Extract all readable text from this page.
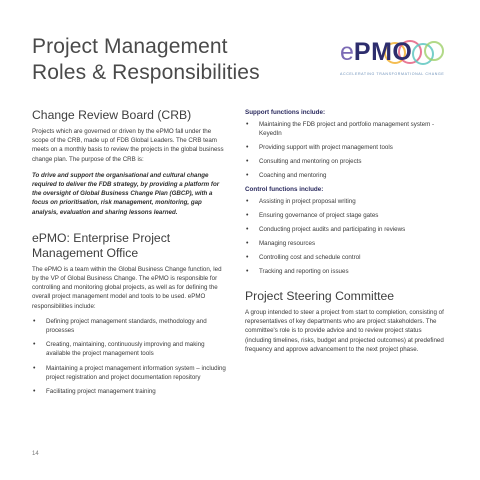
Project Management
Roles & Responsibilities
e PMO
ACCELERATING TRANSFORMATIONAL CHANGE
Change Review Board (CRB)

Projects which are governed or driven by the ePMO fall under the scope of the CRB, made up of FDB Global Leaders. The CRB team meets on a monthly basis to review the projects in the global business change plan. The purpose of the CRB is:

To drive and support the organisational and cultural change required to deliver the FDB strategy, by providing a platform for the oversight of Global Business Change Plan (GBCP), with a focus on prioritisation, risk management, monitoring, gap analysis, evaluation and sharing lessons learned.

ePMO: Enterprise Project
Management Office

The ePMO is a team within the Global Business Change function, led by the VP of Global Business Change. The ePMO is responsible for controlling and monitoring global projects, as well as for defining the overall project management model and tools to be used. ePMO responsibilities include:

• Defining project management standards, methodology and processes
• Creating, maintaining, continuously improving and making available the project management tools
• Maintaining a project management information system – including project registration and project documentation repository
• Facilitating project management training
Support functions include:
• Maintaining the FDB project and portfolio management system - KeyedIn
• Providing support with project management tools
• Consulting and mentoring on projects
• Coaching and mentoring
Control functions include:
• Assisting in project proposal writing
• Ensuring governance of project stage gates
• Conducting project audits and participating in reviews
• Managing resources
• Controlling cost and schedule control
• Tracking and reporting on issues
Project Steering Committee

A group intended to steer a project from start to completion, consisting of representatives of key departments who are project stakeholders. The committee's role is to provide advice and to review project status (including timelines, risks, budget and projected outcomes) at predefined frequency and approve advancement to the next project phase.

14
